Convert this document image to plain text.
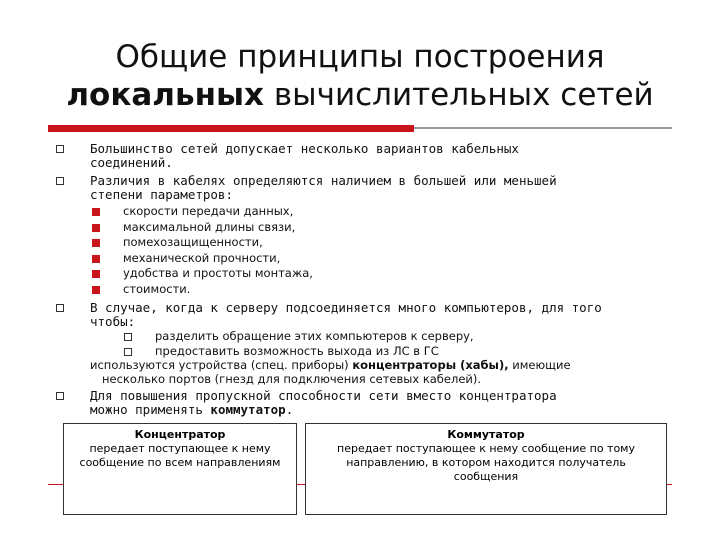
Общие принципы построения
локальных вычислительных сетей
Большинство сетей допускает несколько вариантов кабельных
соединений.
Различия в кабелях определяются наличием в большей или меньшей
степени параметров:
скорости передачи данных,
максимальной длины связи,
помехозащищенности,
механической прочности,
удобства и простоты монтажа,
стоимости.
В случае, когда к серверу подсоединяется много компьютеров, для того
чтобы:
разделить обращение этих компьютеров к серверу,
предоставить возможность выхода из ЛС в ГС
используются устройства (спец. приборы) концентраторы (хабы), имеющие
несколько портов (гнезд для подключения сетевых кабелей).
Для повышения пропускной способности сети вместо концентратора
можно применять коммутатор.
Концентратор
передает поступающее к нему
сообщение по всем направлениям
Коммутатор
передает поступающее к нему сообщение по тому
направлению, в котором находится получатель
сообщения
